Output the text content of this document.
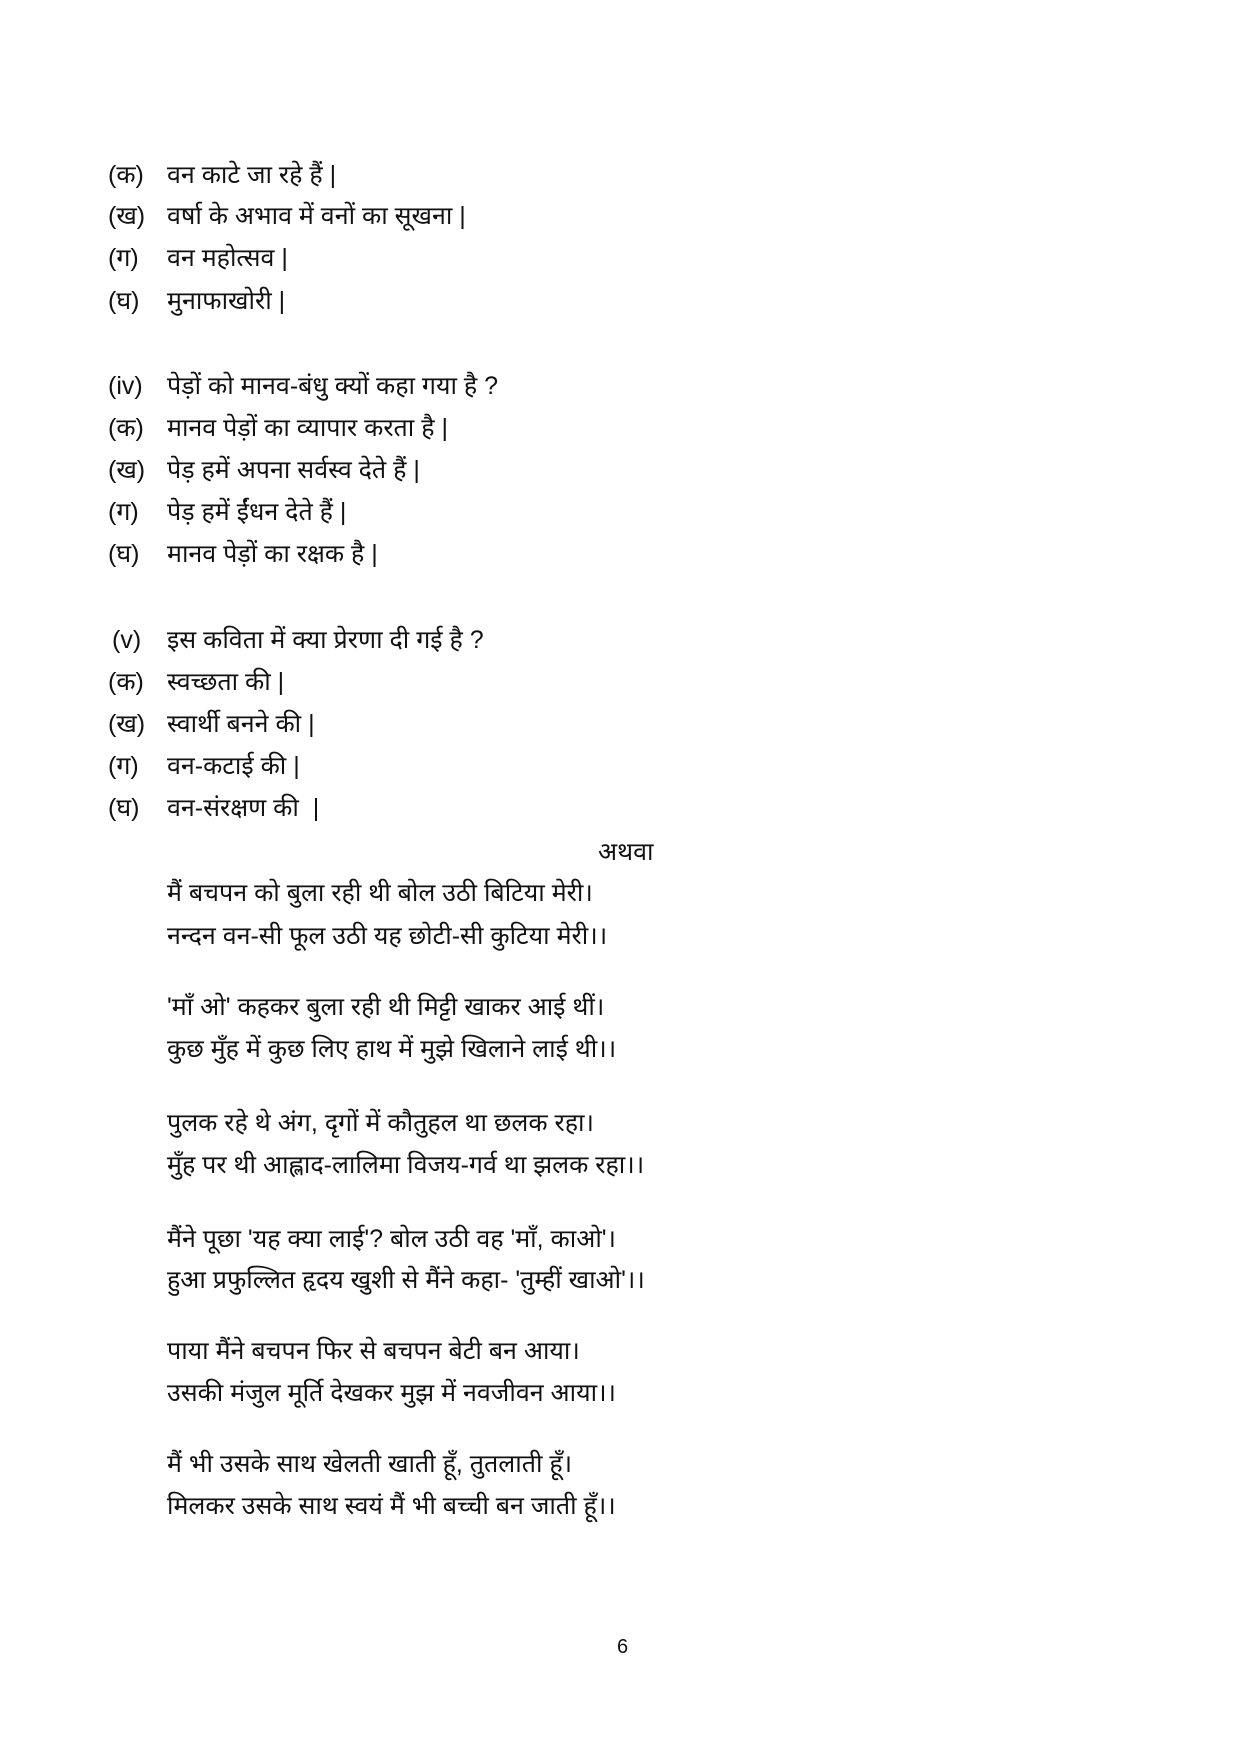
(क) वन काटे जा रहे हैं |
(ख) वर्षा के अभाव में वनों का सूखना |
(ग) वन महोत्सव |
(घ) मुनाफाखोरी |
(iv) पेड़ों को मानव-बंधु क्यों कहा गया है ?
(क) मानव पेड़ों का व्यापार करता है |
(ख) पेड़ हमें अपना सर्वस्व देते हैं |
(ग) पेड़ हमें ईंधन देते हैं |
(घ) मानव पेड़ों का रक्षक है |
(v) इस कविता में क्या प्रेरणा दी गई है ?
(क) स्वच्छता की |
(ख) स्वार्थी बनने की |
(ग) वन-कटाई की |
(घ) वन-संरक्षण की  |
अथवा
मैं बचपन को बुला रही थी बोल उठी बिटिया मेरी।
नन्दन वन-सी फूल उठी यह छोटी-सी कुटिया मेरी।।
'माँ ओ' कहकर बुला रही थी मिट्टी खाकर आई थीं।
कुछ मुँह में कुछ लिए हाथ में मुझे खिलाने लाई थी।।
पुलक रहे थे अंग, दृगों में कौतुहल था छलक रहा।
मुँह पर थी आह्लाद-लालिमा विजय-गर्व था झलक रहा।।
मैंने पूछा 'यह क्या लाई'? बोल उठी वह 'माँ, काओ'।
हुआ प्रफुल्लित हृदय खुशी से मैंने कहा- 'तुम्हीं खाओ'।।
पाया मैंने बचपन फिर से बचपन बेटी बन आया।
उसकी मंजुल मूर्ति देखकर मुझ में नवजीवन आया।।
मैं भी उसके साथ खेलती खाती हूँ, तुतलाती हूँ।
मिलकर उसके साथ स्वयं मैं भी बच्ची बन जाती हूँ।।
6
